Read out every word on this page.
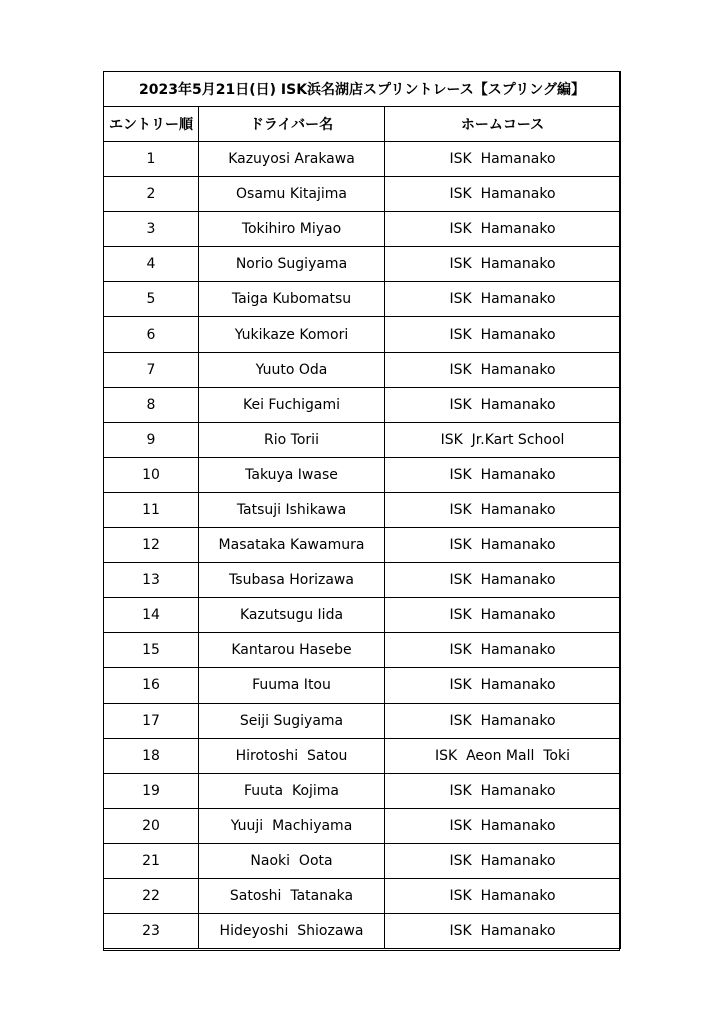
2023年5月21日(日) ISK浜名湖店スプリントレース【スプリング編】		
エントリー順	ドライバー名	ホームコース
1	Kazuyosi Arakawa	ISK  Hamanako
2	Osamu Kitajima	ISK  Hamanako
3	Tokihiro Miyao	ISK  Hamanako
4	Norio Sugiyama	ISK  Hamanako
5	Taiga Kubomatsu	ISK  Hamanako
6	Yukikaze Komori	ISK  Hamanako
7	Yuuto Oda	ISK  Hamanako
8	Kei Fuchigami	ISK  Hamanako
9	Rio Torii	ISK  Jr.Kart School
10	Takuya Iwase	ISK  Hamanako
11	Tatsuji Ishikawa	ISK  Hamanako
12	Masataka Kawamura	ISK  Hamanako
13	Tsubasa Horizawa	ISK  Hamanako
14	Kazutsugu Iida	ISK  Hamanako
15	Kantarou Hasebe	ISK  Hamanako
16	Fuuma Itou	ISK  Hamanako
17	Seiji Sugiyama	ISK  Hamanako
18	Hirotoshi  Satou	ISK  Aeon Mall  Toki
19	Fuuta  Kojima	ISK  Hamanako
20	Yuuji  Machiyama	ISK  Hamanako
21	Naoki  Oota	ISK  Hamanako
22	Satoshi  Tatanaka	ISK  Hamanako
23	Hideyoshi  Shiozawa	ISK  Hamanako
